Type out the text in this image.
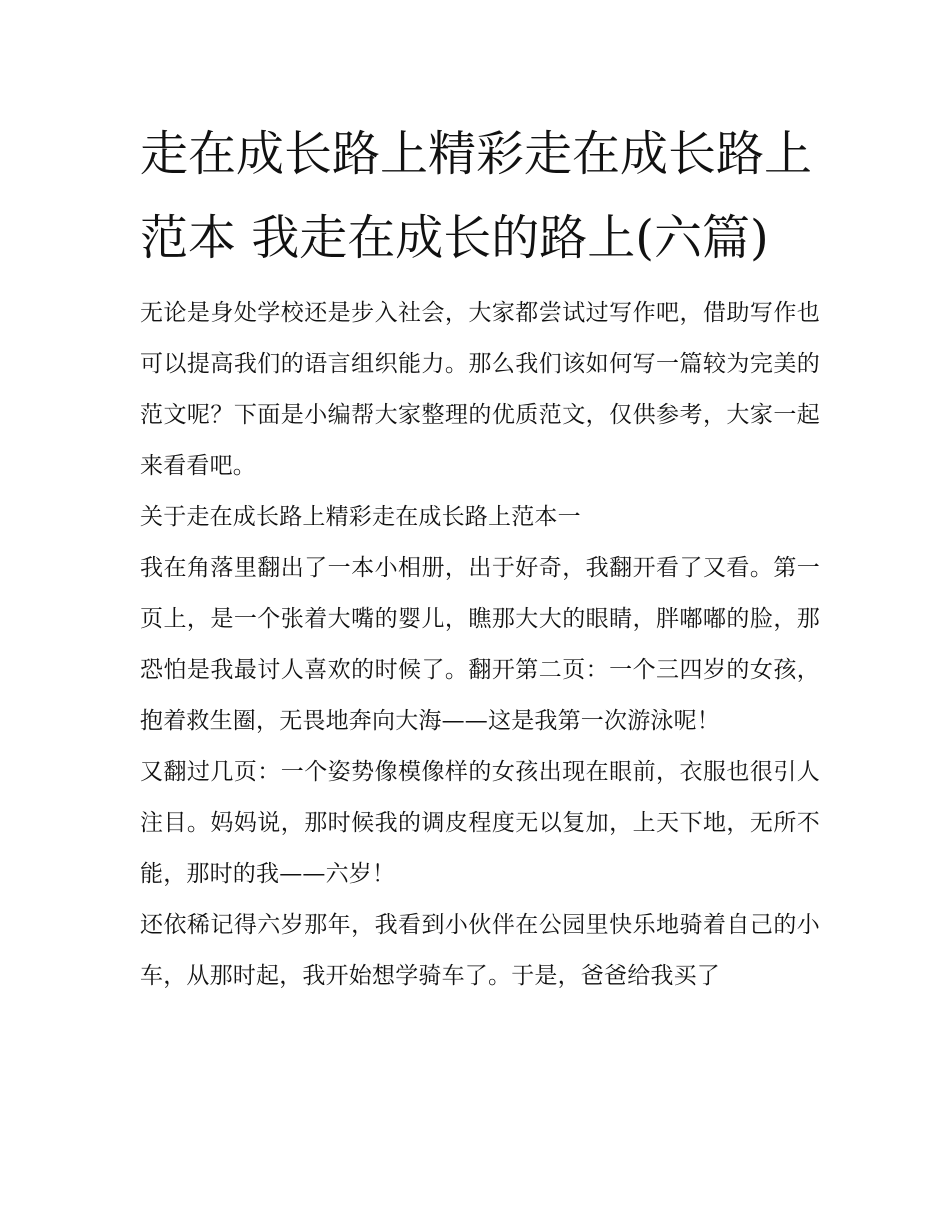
走在成长路上精彩走在成长路上范本 我走在成长的路上(六篇)

无论是身处学校还是步入社会，大家都尝试过写作吧，借助写作也可以提高我们的语言组织能力。那么我们该如何写一篇较为完美的范文呢？下面是小编帮大家整理的优质范文，仅供参考，大家一起来看看吧。

关于走在成长路上精彩走在成长路上范本一

我在角落里翻出了一本小相册，出于好奇，我翻开看了又看。第一页上，是一个张着大嘴的婴儿，瞧那大大的眼睛，胖嘟嘟的脸，那恐怕是我最讨人喜欢的时候了。翻开第二页：一个三四岁的女孩，抱着救生圈，无畏地奔向大海——这是我第一次游泳呢！

又翻过几页：一个姿势像模像样的女孩出现在眼前，衣服也很引人注目。妈妈说，那时候我的调皮程度无以复加，上天下地，无所不能，那时的我——六岁！

还依稀记得六岁那年，我看到小伙伴在公园里快乐地骑着自己的小车，从那时起，我开始想学骑车了。于是，爸爸给我买了
